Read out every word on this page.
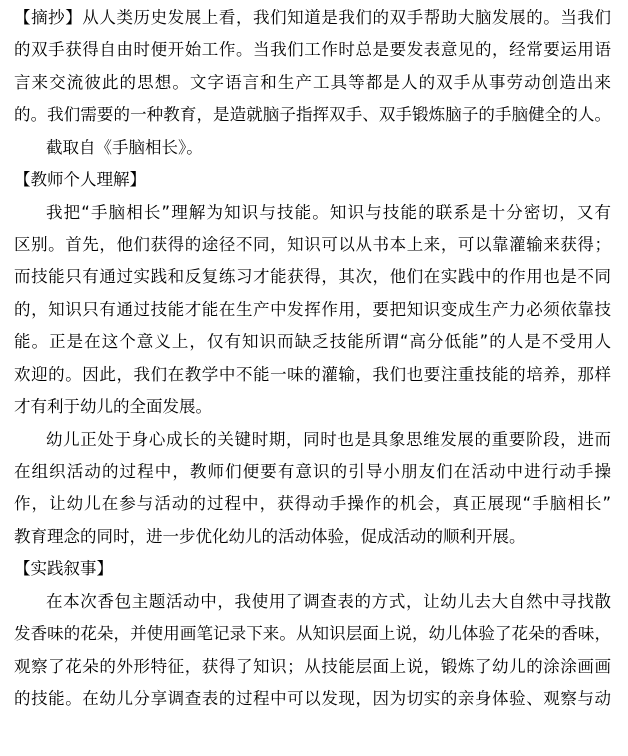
【摘抄】从人类历史发展上看，我们知道是我们的双手帮助大脑发展的。当我们
的双手获得自由时便开始工作。当我们工作时总是要发表意见的，经常要运用语
言来交流彼此的思想。文字语言和生产工具等都是人的双手从事劳动创造出来
的。我们需要的一种教育，是造就脑子指挥双手、双手锻炼脑子的手脑健全的人。
截取自《手脑相长》。
【教师个人理解】
我把“手脑相长”理解为知识与技能。知识与技能的联系是十分密切，又有
区别。首先，他们获得的途径不同，知识可以从书本上来，可以靠灌输来获得；
而技能只有通过实践和反复练习才能获得，其次，他们在实践中的作用也是不同
的，知识只有通过技能才能在生产中发挥作用，要把知识变成生产力必须依靠技
能。正是在这个意义上，仅有知识而缺乏技能所谓“高分低能”的人是不受用人
欢迎的。因此，我们在教学中不能一味的灌输，我们也要注重技能的培养，那样
才有利于幼儿的全面发展。
幼儿正处于身心成长的关键时期，同时也是具象思维发展的重要阶段，进而
在组织活动的过程中，教师们便要有意识的引导小朋友们在活动中进行动手操
作，让幼儿在参与活动的过程中，获得动手操作的机会，真正展现“手脑相长”
教育理念的同时，进一步优化幼儿的活动体验，促成活动的顺利开展。
【实践叙事】
在本次香包主题活动中，我使用了调查表的方式，让幼儿去大自然中寻找散
发香味的花朵，并使用画笔记录下来。从知识层面上说，幼儿体验了花朵的香味，
观察了花朵的外形特征，获得了知识；从技能层面上说，锻炼了幼儿的涂涂画画
的技能。在幼儿分享调查表的过程中可以发现，因为切实的亲身体验、观察与动
